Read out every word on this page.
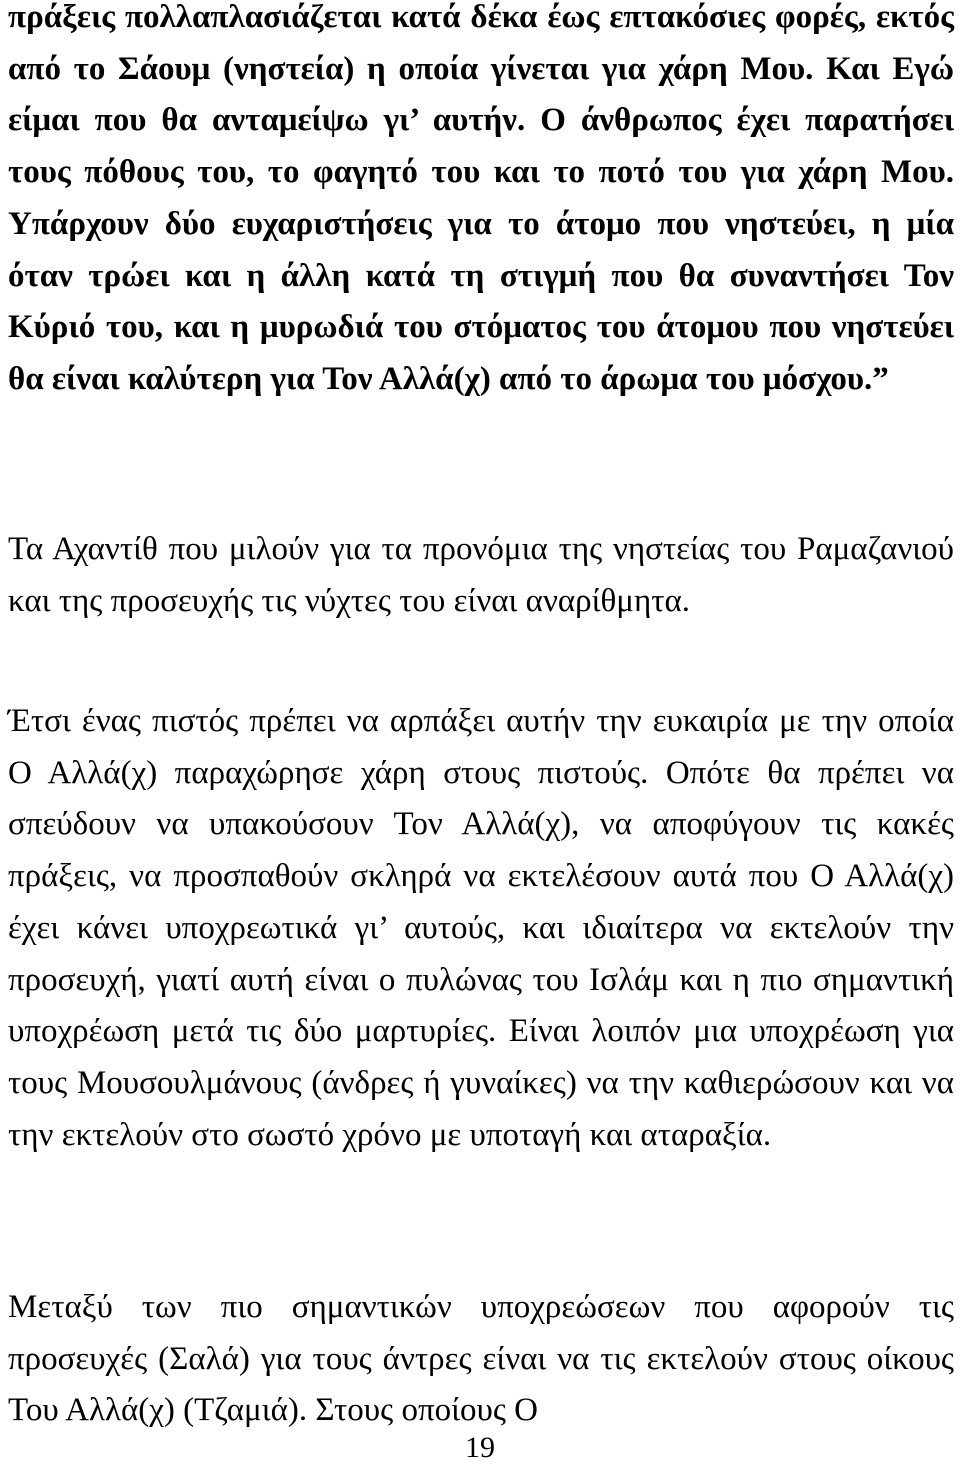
πράξεις πολλαπλασιάζεται κατά δέκα έως επτακόσιες φορές, εκτός από το Σάουμ (νηστεία) η οποία γίνεται για χάρη Μου. Και Εγώ είμαι που θα ανταμείψω γι’ αυτήν. Ο άνθρωπος έχει παρατήσει τους πόθους του, το φαγητό του και το ποτό του για χάρη Μου. Υπάρχουν δύο ευχαριστήσεις για το άτομο που νηστεύει, η μία όταν τρώει και η άλλη κατά τη στιγμή που θα συναντήσει Τον Κύριό του, και η μυρωδιά του στόματος του άτομου που νηστεύει θα είναι καλύτερη για Τον Αλλά(χ) από το άρωμα του μόσχου.”

Τα Αχαντίθ που μιλούν για τα προνόμια της νηστείας του Ραμαζανιού και της προσευχής τις νύχτες του είναι αναρίθμητα.

Έτσι ένας πιστός πρέπει να αρπάξει αυτήν την ευκαιρία με την οποία Ο Αλλά(χ) παραχώρησε χάρη στους πιστούς. Οπότε θα πρέπει να σπεύδουν να υπακούσουν Τον Αλλά(χ), να αποφύγουν τις κακές πράξεις, να προσπαθούν σκληρά να εκτελέσουν αυτά που Ο Αλλά(χ) έχει κάνει υποχρεωτικά γι’ αυτούς, και ιδιαίτερα να εκτελούν την προσευχή, γιατί αυτή είναι ο πυλώνας του Ισλάμ και η πιο σημαντική υποχρέωση μετά τις δύο μαρτυρίες. Είναι λοιπόν μια υποχρέωση για τους Μουσουλμάνους (άνδρες ή γυναίκες) να την καθιερώσουν και να την εκτελούν στο σωστό χρόνο με υποταγή και αταραξία.

Μεταξύ των πιο σημαντικών υποχρεώσεων που αφορούν τις προσευχές (Σαλά) για τους άντρες είναι να τις εκτελούν στους οίκους Του Αλλά(χ) (Τζαμιά). Στους οποίους Ο

19
